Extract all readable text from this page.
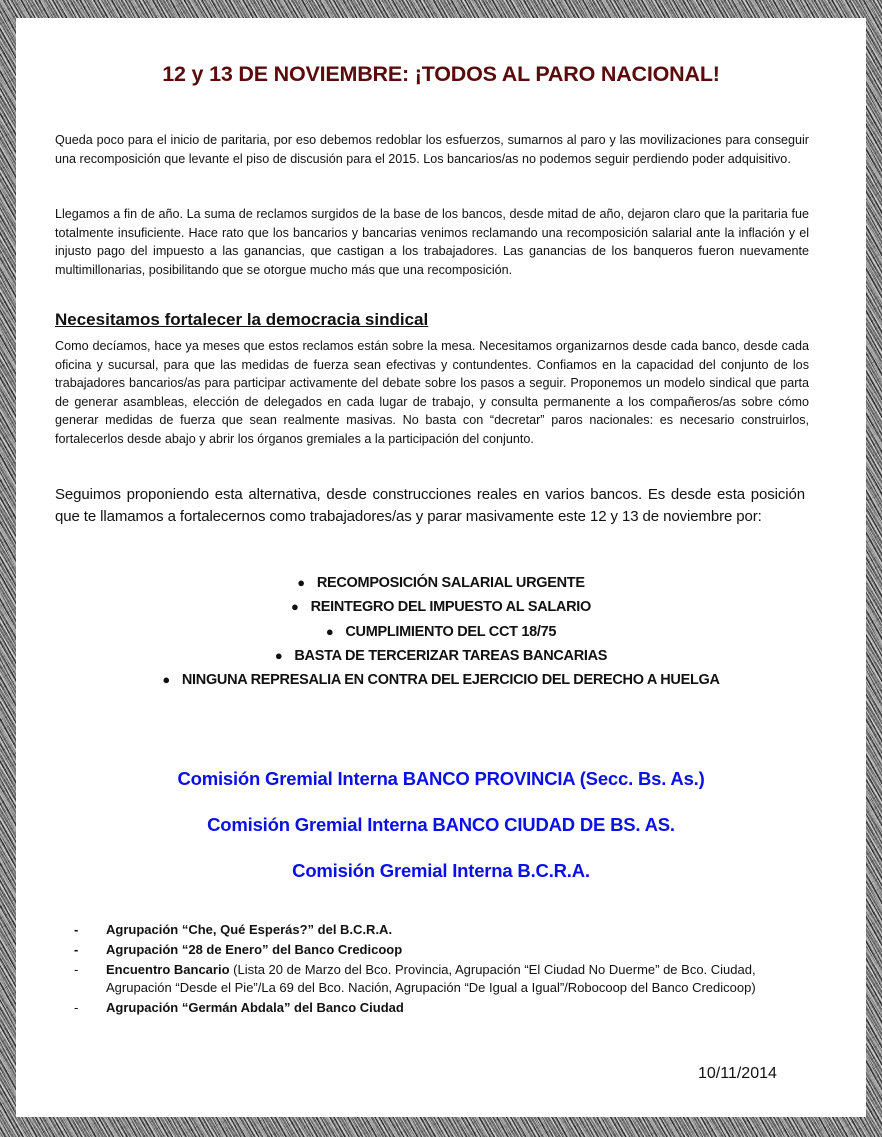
12 y 13 DE NOVIEMBRE: ¡TODOS AL PARO NACIONAL!
Queda poco para el inicio de paritaria, por eso debemos redoblar los esfuerzos, sumarnos al paro y las movilizaciones para conseguir una recomposición que levante el piso de discusión para el 2015. Los bancarios/as no podemos seguir perdiendo poder adquisitivo.
Llegamos a fin de año. La suma de reclamos surgidos de la base de los bancos, desde mitad de año, dejaron claro que la paritaria fue totalmente insuficiente. Hace rato que los bancarios y bancarias venimos reclamando una recomposición salarial ante la inflación y el injusto pago del impuesto a las ganancias, que castigan a los trabajadores. Las ganancias de los banqueros fueron nuevamente multimillonarias, posibilitando que se otorgue mucho más que una recomposición.
Necesitamos fortalecer la democracia sindical
Como decíamos, hace ya meses que estos reclamos están sobre la mesa. Necesitamos organizarnos desde cada banco, desde cada oficina y sucursal, para que las medidas de fuerza sean efectivas y contundentes. Confiamos en la capacidad del conjunto de los trabajadores bancarios/as para participar activamente del debate sobre los pasos a seguir. Proponemos un modelo sindical que parta de generar asambleas, elección de delegados en cada lugar de trabajo, y consulta permanente a los compañeros/as sobre cómo generar medidas de fuerza que sean realmente masivas. No basta con “decretar” paros nacionales: es necesario construirlos, fortalecerlos desde abajo y abrir los órganos gremiales a la participación del conjunto.
Seguimos proponiendo esta alternativa, desde construcciones reales en varios bancos. Es desde esta posición que te llamamos a fortalecernos como trabajadores/as y parar masivamente este 12 y 13 de noviembre por:
● RECOMPOSICIÓN SALARIAL URGENTE
● REINTEGRO DEL IMPUESTO AL SALARIO
● CUMPLIMIENTO DEL CCT 18/75
● BASTA DE TERCERIZAR TAREAS BANCARIAS
● NINGUNA REPRESALIA EN CONTRA DEL EJERCICIO DEL DERECHO A HUELGA
Comisión Gremial Interna BANCO PROVINCIA (Secc. Bs. As.)
Comisión Gremial Interna BANCO CIUDAD DE BS. AS.
Comisión Gremial Interna B.C.R.A.
- Agrupación “Che, Qué Esperás?” del B.C.R.A.
- Agrupación “28 de Enero” del Banco Credicoop
- Encuentro Bancario (Lista 20 de Marzo del Bco. Provincia, Agrupación “El Ciudad No Duerme” de Bco. Ciudad, Agrupación “Desde el Pie”/La 69 del Bco. Nación, Agrupación “De Igual a Igual”/Robocoop del Banco Credicoop)
- Agrupación “Germán Abdala” del Banco Ciudad
10/11/2014
